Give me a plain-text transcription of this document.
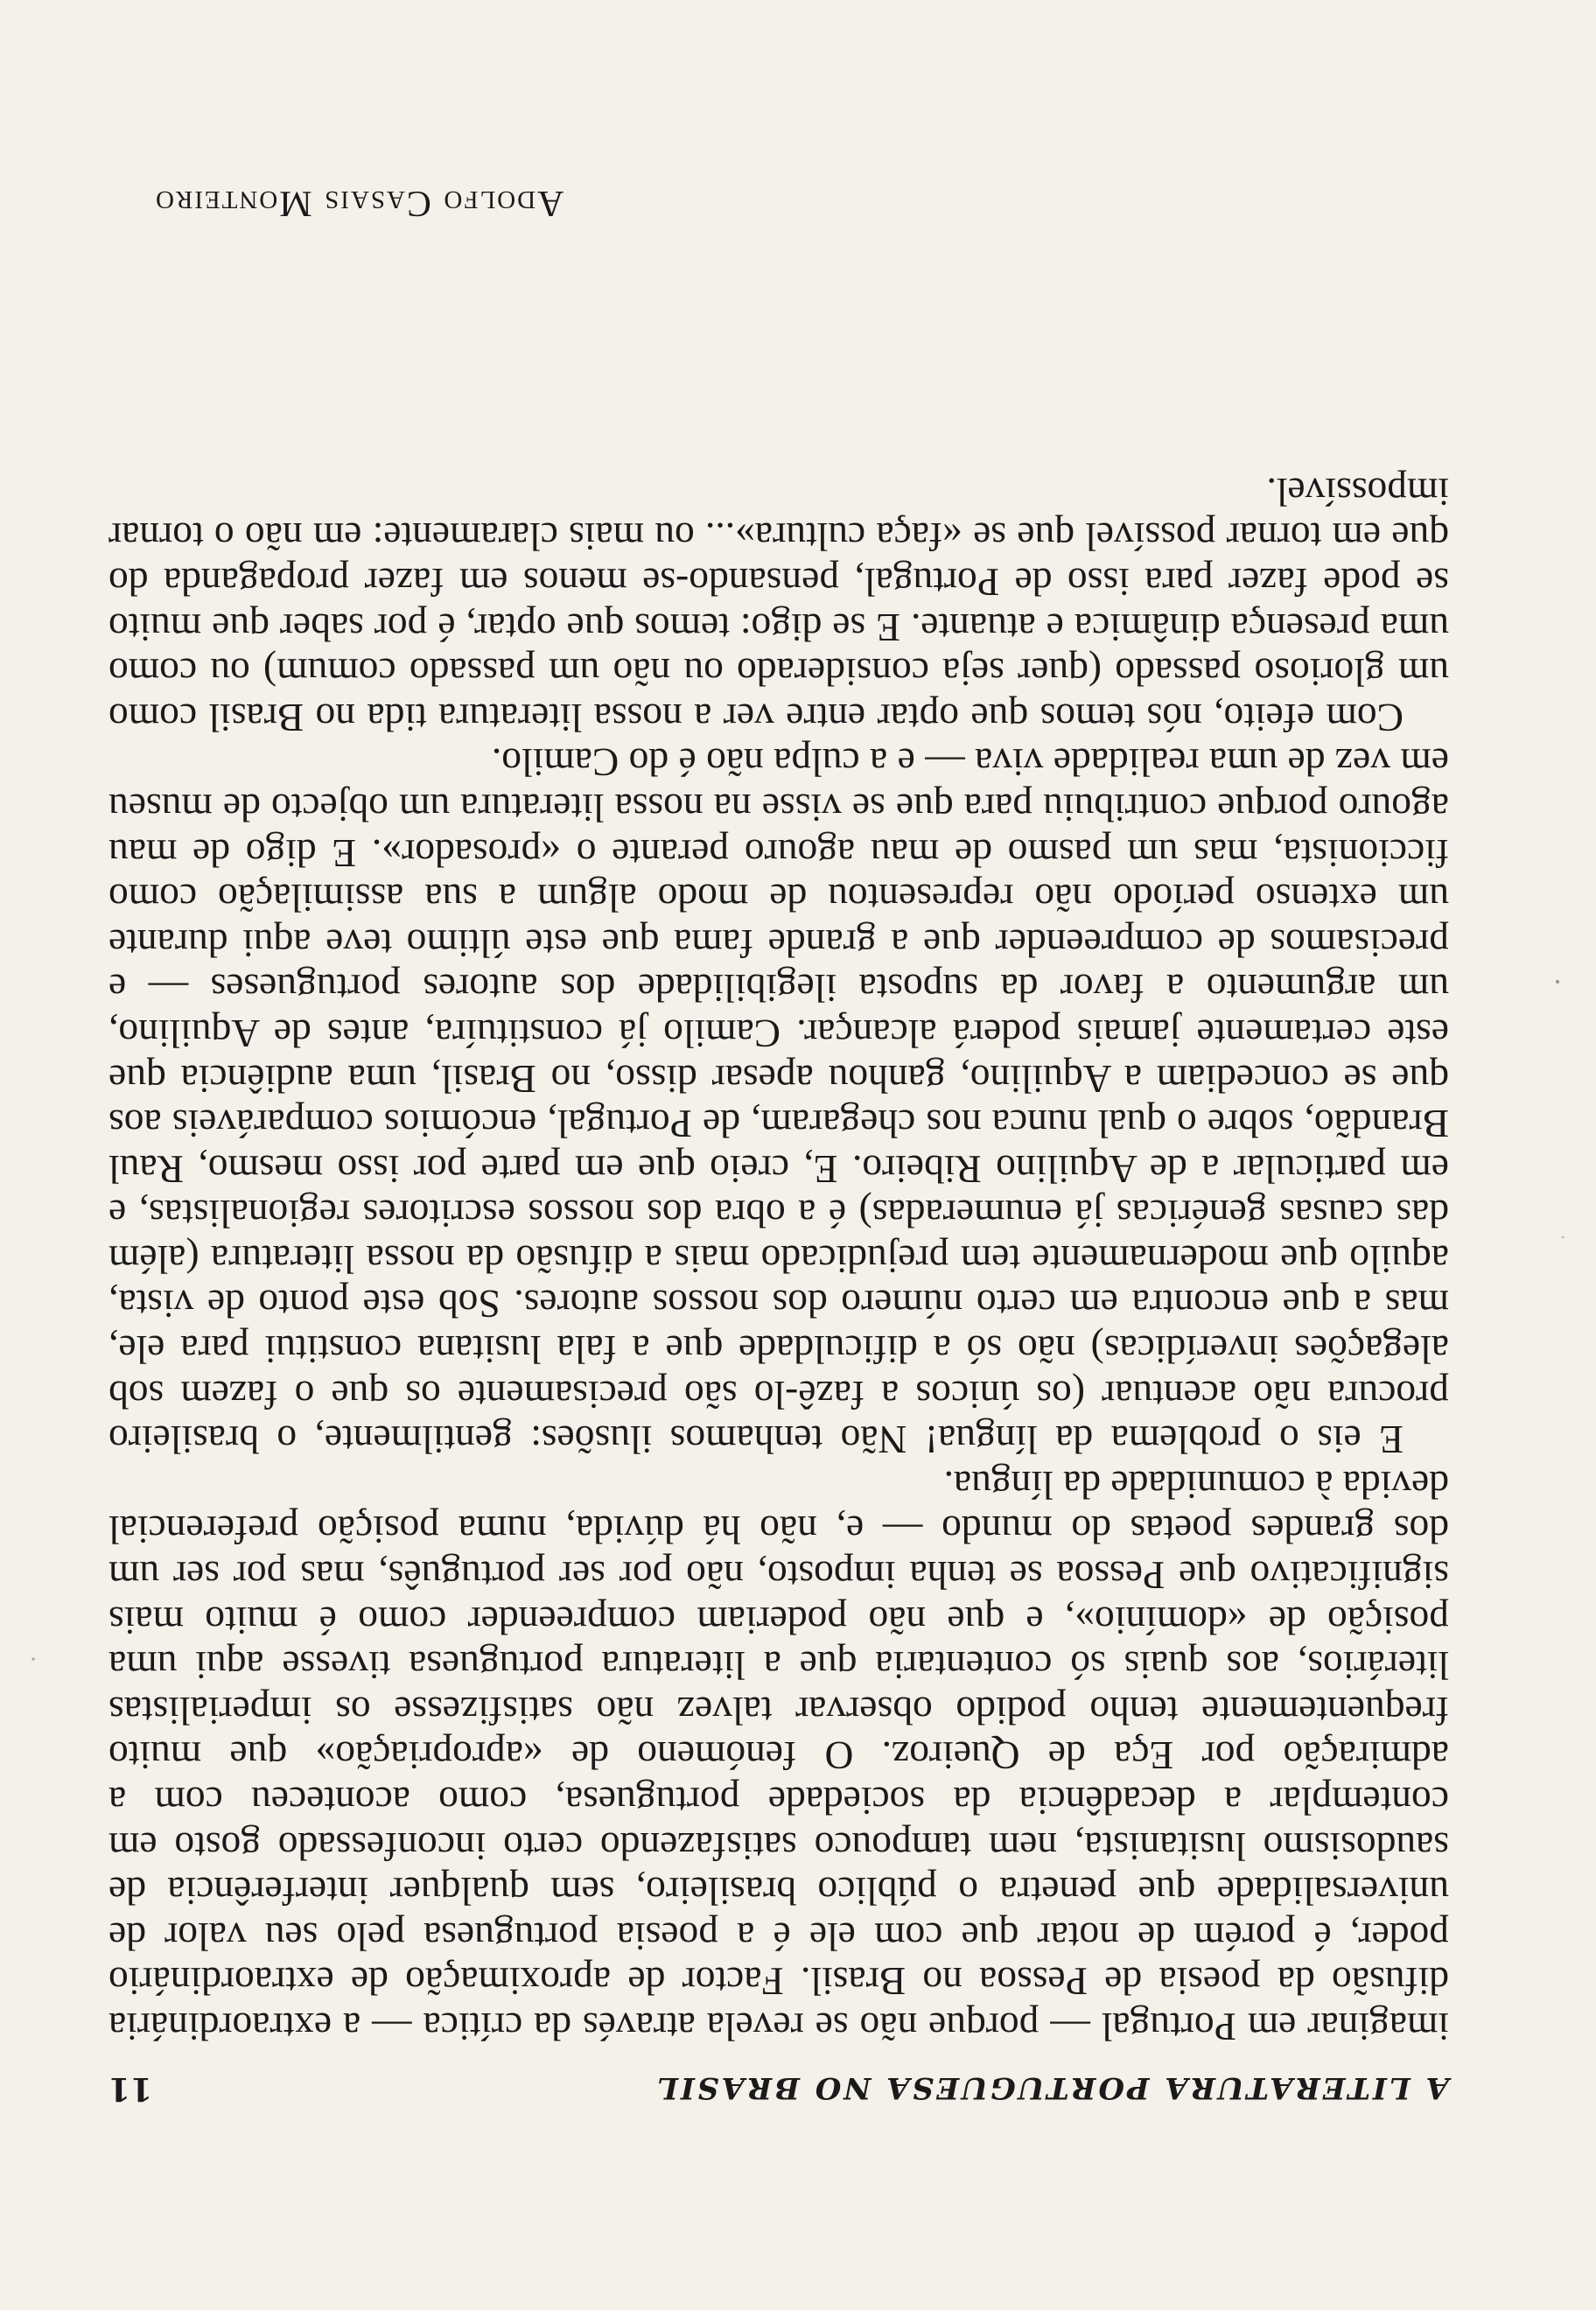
A LITERATURA PORTUGUESA NO BRASIL
11

imaginar em Portugal — porque não se revela através da crítica — a extraordinária difusão da poesia de Pessoa no Brasil. Factor de aproximação de extraordinário poder, é porém de notar que com ele é a poesia portuguesa pelo seu valor de universalidade que penetra o público brasileiro, sem qualquer interferência de saudosismo lusitanista, nem tampouco satisfazendo certo inconfessado gosto em contemplar a decadência da sociedade portuguesa, como aconteceu com a admiração por Eça de Queiroz. O fenómeno de «apropriação» que muito frequentemente tenho podido observar talvez não satisfizesse os imperialistas literários, aos quais só contentaria que a literatura portuguesa tivesse aqui uma posição de «domínio», e que não poderiam compreender como é muito mais significativo que Pessoa se tenha imposto, não por ser português, mas por ser um dos grandes poetas do mundo — e, não há dúvida, numa posição preferencial devida à comunidade da língua.

E eis o problema da língua! Não tenhamos ilusões: gentilmente, o brasileiro procura não acentuar (os únicos a fazê-lo são precisamente os que o fazem sob alegações inverídicas) não só a dificuldade que a fala lusitana constitui para ele, mas a que encontra em certo número dos nossos autores. Sob este ponto de vista, aquilo que modernamente tem prejudicado mais a difusão da nossa literatura (além das causas genéricas já enumeradas) é a obra dos nossos escritores regionalistas, e em particular a de Aquilino Ribeiro. E, creio que em parte por isso mesmo, Raul Brandão, sobre o qual nunca nos chegaram, de Portugal, encómios comparáveis aos que se concediam a Aquilino, ganhou apesar disso, no Brasil, uma audiência que este certamente jamais poderá alcançar. Camilo já constituíra, antes de Aquilino, um argumento a favor da suposta ilegibilidade dos autores portugueses — e precisamos de compreender que a grande fama que este último teve aqui durante um extenso período não representou de modo algum a sua assimilação como ficcionista, mas um pasmo de mau agouro perante o «prosador». E digo de mau agouro porque contribuiu para que se visse na nossa literatura um objecto de museu em vez de uma realidade viva — e a culpa não é do Camilo.

Com efeito, nós temos que optar entre ver a nossa literatura tida no Brasil como um glorioso passado (quer seja considerado ou não um passado comum) ou como uma presença dinâmica e atuante. E se digo: temos que optar, é por saber que muito se pode fazer para isso de Portugal, pensando-se menos em fazer propaganda do que em tornar possível que se «faça cultura»... ou mais claramente: em não o tornar impossível.

Adolfo Casais Monteiro
